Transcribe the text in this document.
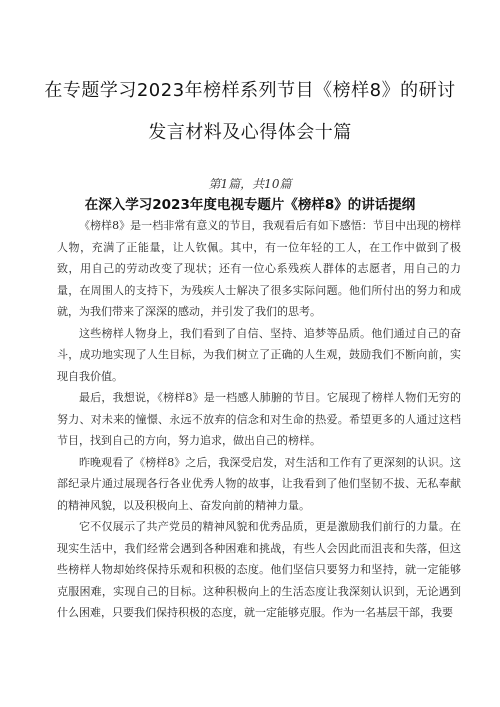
在专题学习2023年榜样系列节目《榜样8》的研讨
发言材料及心得体会十篇
第1篇，共10篇
在深入学习2023年度电视专题片《榜样8》的讲话提纲

《榜样8》是一档非常有意义的节目，我观看后有如下感悟：节目中出现的榜样人物，充满了正能量，让人钦佩。其中，有一位年轻的工人，在工作中做到了极致，用自己的劳动改变了现状；还有一位心系残疾人群体的志愿者，用自己的力量，在周围人的支持下，为残疾人士解决了很多实际问题。他们所付出的努力和成就，为我们带来了深深的感动，并引发了我们的思考。

这些榜样人物身上，我们看到了自信、坚持、追梦等品质。他们通过自己的奋斗，成功地实现了人生目标，为我们树立了正确的人生观，鼓励我们不断向前，实现自我价值。

最后，我想说，《榜样8》是一档感人肺腑的节目。它展现了榜样人物们无穷的努力、对未来的憧憬、永远不放弃的信念和对生命的热爱。希望更多的人通过这档节目，找到自己的方向，努力追求，做出自己的榜样。

昨晚观看了《榜样8》之后，我深受启发，对生活和工作有了更深刻的认识。这部纪录片通过展现各行各业优秀人物的故事，让我看到了他们坚韧不拔、无私奉献的精神风貌，以及积极向上、奋发向前的精神力量。

它不仅展示了共产党员的精神风貌和优秀品质，更是激励我们前行的力量。在现实生活中，我们经常会遇到各种困难和挑战，有些人会因此而沮丧和失落，但这些榜样人物却始终保持乐观和积极的态度。他们坚信只要努力和坚持，就一定能够克服困难，实现自己的目标。这种积极向上的生活态度让我深刻认识到，无论遇到什么困难，只要我们保持积极的态度，就一定能够克服。作为一名基层干部，我要
